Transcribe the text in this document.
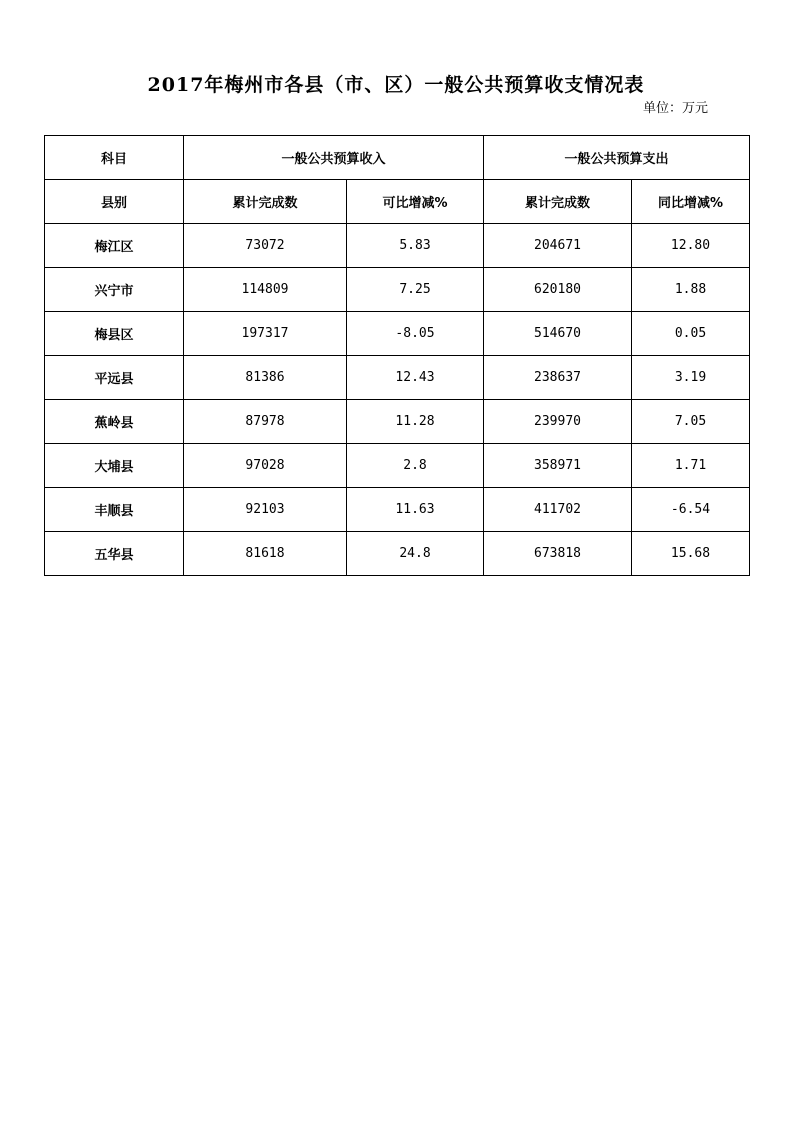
2017年梅州市各县（市、区）一般公共预算收支情况表
单位：万元
科目	一般公共预算收入		一般公共预算支出	
县别	累计完成数	可比增减%	累计完成数	同比增减%
梅江区	73072	5.83	204671	12.80
兴宁市	114809	7.25	620180	1.88
梅县区	197317	-8.05	514670	0.05
平远县	81386	12.43	238637	3.19
蕉岭县	87978	11.28	239970	7.05
大埔县	97028	2.8	358971	1.71
丰顺县	92103	11.63	411702	-6.54
五华县	81618	24.8	673818	15.68
